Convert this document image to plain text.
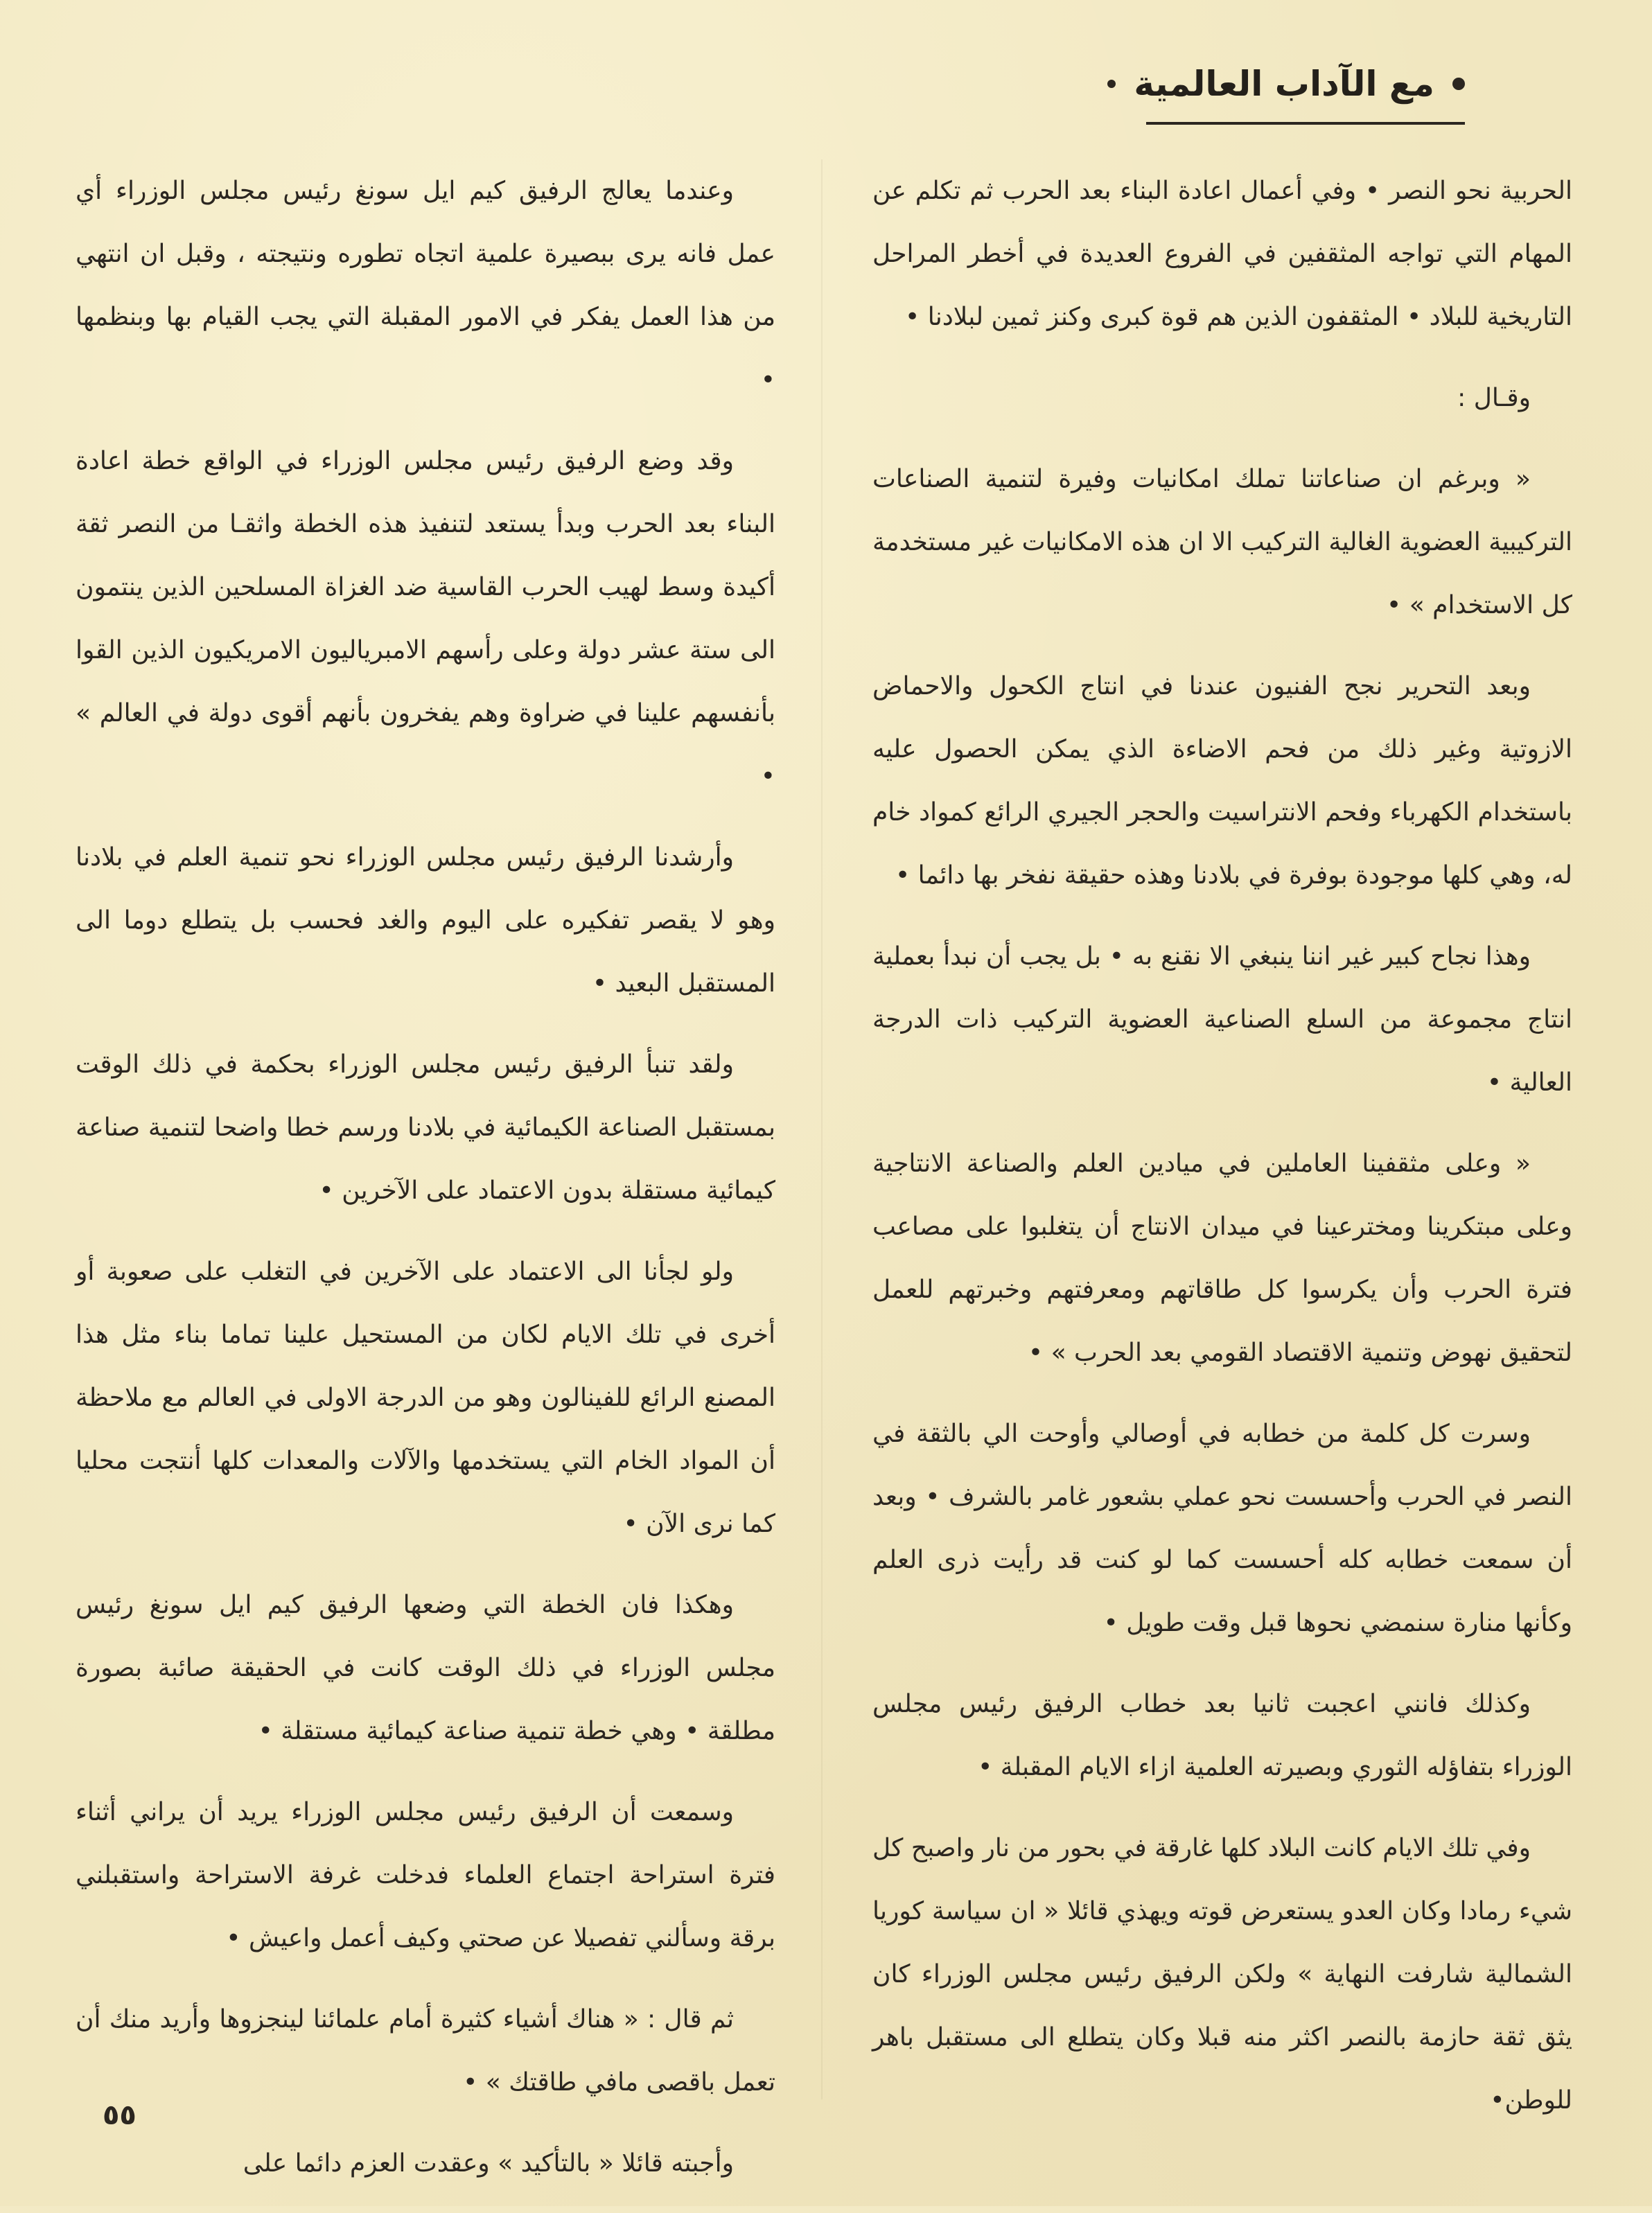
مع الآداب العالمية

الحربية نحو النصر • وفي أعمال اعادة البناء بعد الحرب ثم تكلم عن المهام التي تواجه المثقفين في الفروع العديدة في أخطر المراحل التاريخية للبلاد • المثقفون الذين هم قوة كبرى وكنز ثمين لبلادنا •

وقـال :

« وبرغم ان صناعاتنا تملك امكانيات وفيرة لتنمية الصناعات التركيبية العضوية الغالية التركيب الا ان هذه الامكانيات غير مستخدمة كل الاستخدام » •

وبعد التحرير نجح الفنيون عندنا في انتاج الكحول والاحماض الازوتية وغير ذلك من فحم الاضاءة الذي يمكن الحصول عليه باستخدام الكهرباء وفحم الانتراسيت والحجر الجيري الرائع كمواد خام له، وهي كلها موجودة بوفرة في بلادنا وهذه حقيقة نفخر بها دائما •

وهذا نجاح كبير غير اننا ينبغي الا نقنع به • بل يجب أن نبدأ بعملية انتاج مجموعة من السلع الصناعية العضوية التركيب ذات الدرجة العالية •

« وعلى مثقفينا العاملين في ميادين العلم والصناعة الانتاجية وعلى مبتكرينا ومخترعينا في ميدان الانتاج أن يتغلبوا على مصاعب فترة الحرب وأن يكرسوا كل طاقاتهم ومعرفتهم وخبرتهم للعمل لتحقيق نهوض وتنمية الاقتصاد القومي بعد الحرب » •

وسرت كل كلمة من خطابه في أوصالي وأوحت الي بالثقة في النصر في الحرب وأحسست نحو عملي بشعور غامر بالشرف • وبعد أن سمعت خطابه كله أحسست كما لو كنت قد رأيت ذرى العلم وكأنها منارة سنمضي نحوها قبل وقت طويل •

وكذلك فانني اعجبت ثانيا بعد خطاب الرفيق رئيس مجلس الوزراء بتفاؤله الثوري وبصيرته العلمية ازاء الايام المقبلة •

وفي تلك الايام كانت البلاد كلها غارقة في بحور من نار واصبح كل شيء رمادا وكان العدو يستعرض قوته ويهذي قائلا « ان سياسة كوريا الشمالية شارفت النهاية » ولكن الرفيق رئيس مجلس الوزراء كان يثق ثقة حازمة بالنصر اكثر منه قبلا وكان يتطلع الى مستقبل باهر للوطن•

وعندما يعالج الرفيق كيم ايل سونغ رئيس مجلس الوزراء أي عمل فانه يرى ببصيرة علمية اتجاه تطوره ونتيجته ، وقبل ان انتهي من هذا العمل يفكر في الامور المقبلة التي يجب القيام بها وبنظمها •

وقد وضع الرفيق رئيس مجلس الوزراء في الواقع خطة اعادة البناء بعد الحرب وبدأ يستعد لتنفيذ هذه الخطة واثقـا من النصر ثقة أكيدة وسط لهيب الحرب القاسية ضد الغزاة المسلحين الذين ينتمون الى ستة عشر دولة وعلى رأسهم الامبرياليون الامريكيون الذين القوا بأنفسهم علينا في ضراوة وهم يفخرون بأنهم أقوى دولة في العالم » •

وأرشدنا الرفيق رئيس مجلس الوزراء نحو تنمية العلم في بلادنا وهو لا يقصر تفكيره على اليوم والغد فحسب بل يتطلع دوما الى المستقبل البعيد •

ولقد تنبأ الرفيق رئيس مجلس الوزراء بحكمة في ذلك الوقت بمستقبل الصناعة الكيمائية في بلادنا ورسم خطا واضحا لتنمية صناعة كيمائية مستقلة بدون الاعتماد على الآخرين •

ولو لجأنا الى الاعتماد على الآخرين في التغلب على صعوبة أو أخرى في تلك الايام لكان من المستحيل علينا تماما بناء مثل هذا المصنع الرائع للفينالون وهو من الدرجة الاولى في العالم مع ملاحظة أن المواد الخام التي يستخدمها والآلات والمعدات كلها أنتجت محليا كما نرى الآن •

وهكذا فان الخطة التي وضعها الرفيق كيم ايل سونغ رئيس مجلس الوزراء في ذلك الوقت كانت في الحقيقة صائبة بصورة مطلقة • وهي خطة تنمية صناعة كيمائية مستقلة •

وسمعت أن الرفيق رئيس مجلس الوزراء يريد أن يراني أثناء فترة استراحة اجتماع العلماء فدخلت غرفة الاستراحة واستقبلني برقة وسألني تفصيلا عن صحتي وكيف أعمل واعيش •

ثم قال : « هناك أشياء كثيرة أمام علمائنا لينجزوها وأريد منك أن تعمل باقصى مافي طاقتك » •

وأجبته قائلا « بالتأكيد » وعقدت العزم دائما على

٥٥
